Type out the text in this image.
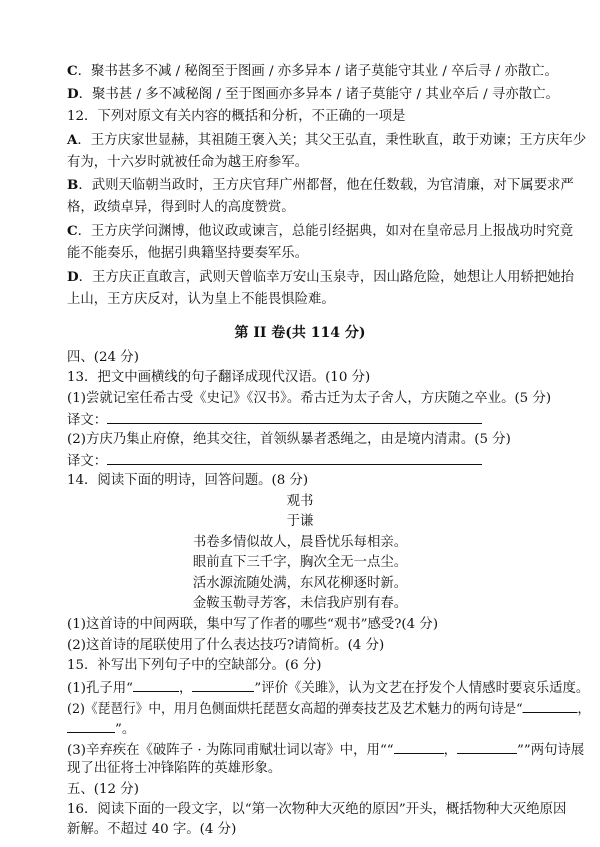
C．聚书甚多不减 / 秘阁至于图画 / 亦多异本 / 诸子莫能守其业 / 卒后寻 / 亦散亡。
D．聚书甚 / 多不减秘阁 / 至于图画亦多异本 / 诸子莫能守 / 其业卒后 / 寻亦散亡。
12．下列对原文有关内容的概括和分析，不正确的一项是
A．王方庆家世显赫，其祖随王褒入关；其父王弘直，秉性耿直，敢于劝谏；王方庆年少
有为，十六岁时就被任命为越王府参军。
B．武则天临朝当政时，王方庆官拜广州都督，他在任数载，为官清廉，对下属要求严
格，政绩卓异，得到时人的高度赞赏。
C．王方庆学问渊博，他议政或谏言，总能引经据典，如对在皇帝忌月上报战功时究竟
能不能奏乐，他据引典籍坚持要奏军乐。
D．王方庆正直敢言，武则天曾临幸万安山玉泉寺，因山路危险，她想让人用轿把她抬
上山，王方庆反对，认为皇上不能畏惧险难。
第 II 卷(共 114 分)
四、(24 分)
13．把文中画横线的句子翻译成现代汉语。(10 分)
(1)尝就记室任希古受《史记》《汉书》。希古迁为太子舍人，方庆随之卒业。(5 分)
译文：
(2)方庆乃集止府僚，绝其交往，首领纵暴者悉绳之，由是境内清肃。(5 分)
译文：
14．阅读下面的明诗，回答问题。(8 分)
观书
于谦
书卷多情似故人，晨昏忧乐每相亲。
眼前直下三千字，胸次全无一点尘。
活水源流随处满，东风花柳逐时新。
金鞍玉勒寻芳客，未信我庐别有春。
(1)这首诗的中间两联，集中写了作者的哪些“观书”感受?(4 分)
(2)这首诗的尾联使用了什么表达技巧?请简析。(4 分)
15．补写出下列句子中的空缺部分。(6 分)
(1)孔子用“	，	”评价《关雎》，认为文艺在抒发个人情感时要哀乐适度。
(2)《琵琶行》中，用月色侧面烘托琵琶女高超的弹奏技艺及艺术魅力的两句诗是“	，
”。
(3)辛弃疾在《破阵子 · 为陈同甫赋壮词以寄》中，用““	，	””两句诗展
现了出征将士冲锋陷阵的英雄形象。
五、(12 分)
16．阅读下面的一段文字，以“第一次物种大灭绝的原因”开头，概括物种大灭绝原因
新解。不超过 40 字。(4 分)
